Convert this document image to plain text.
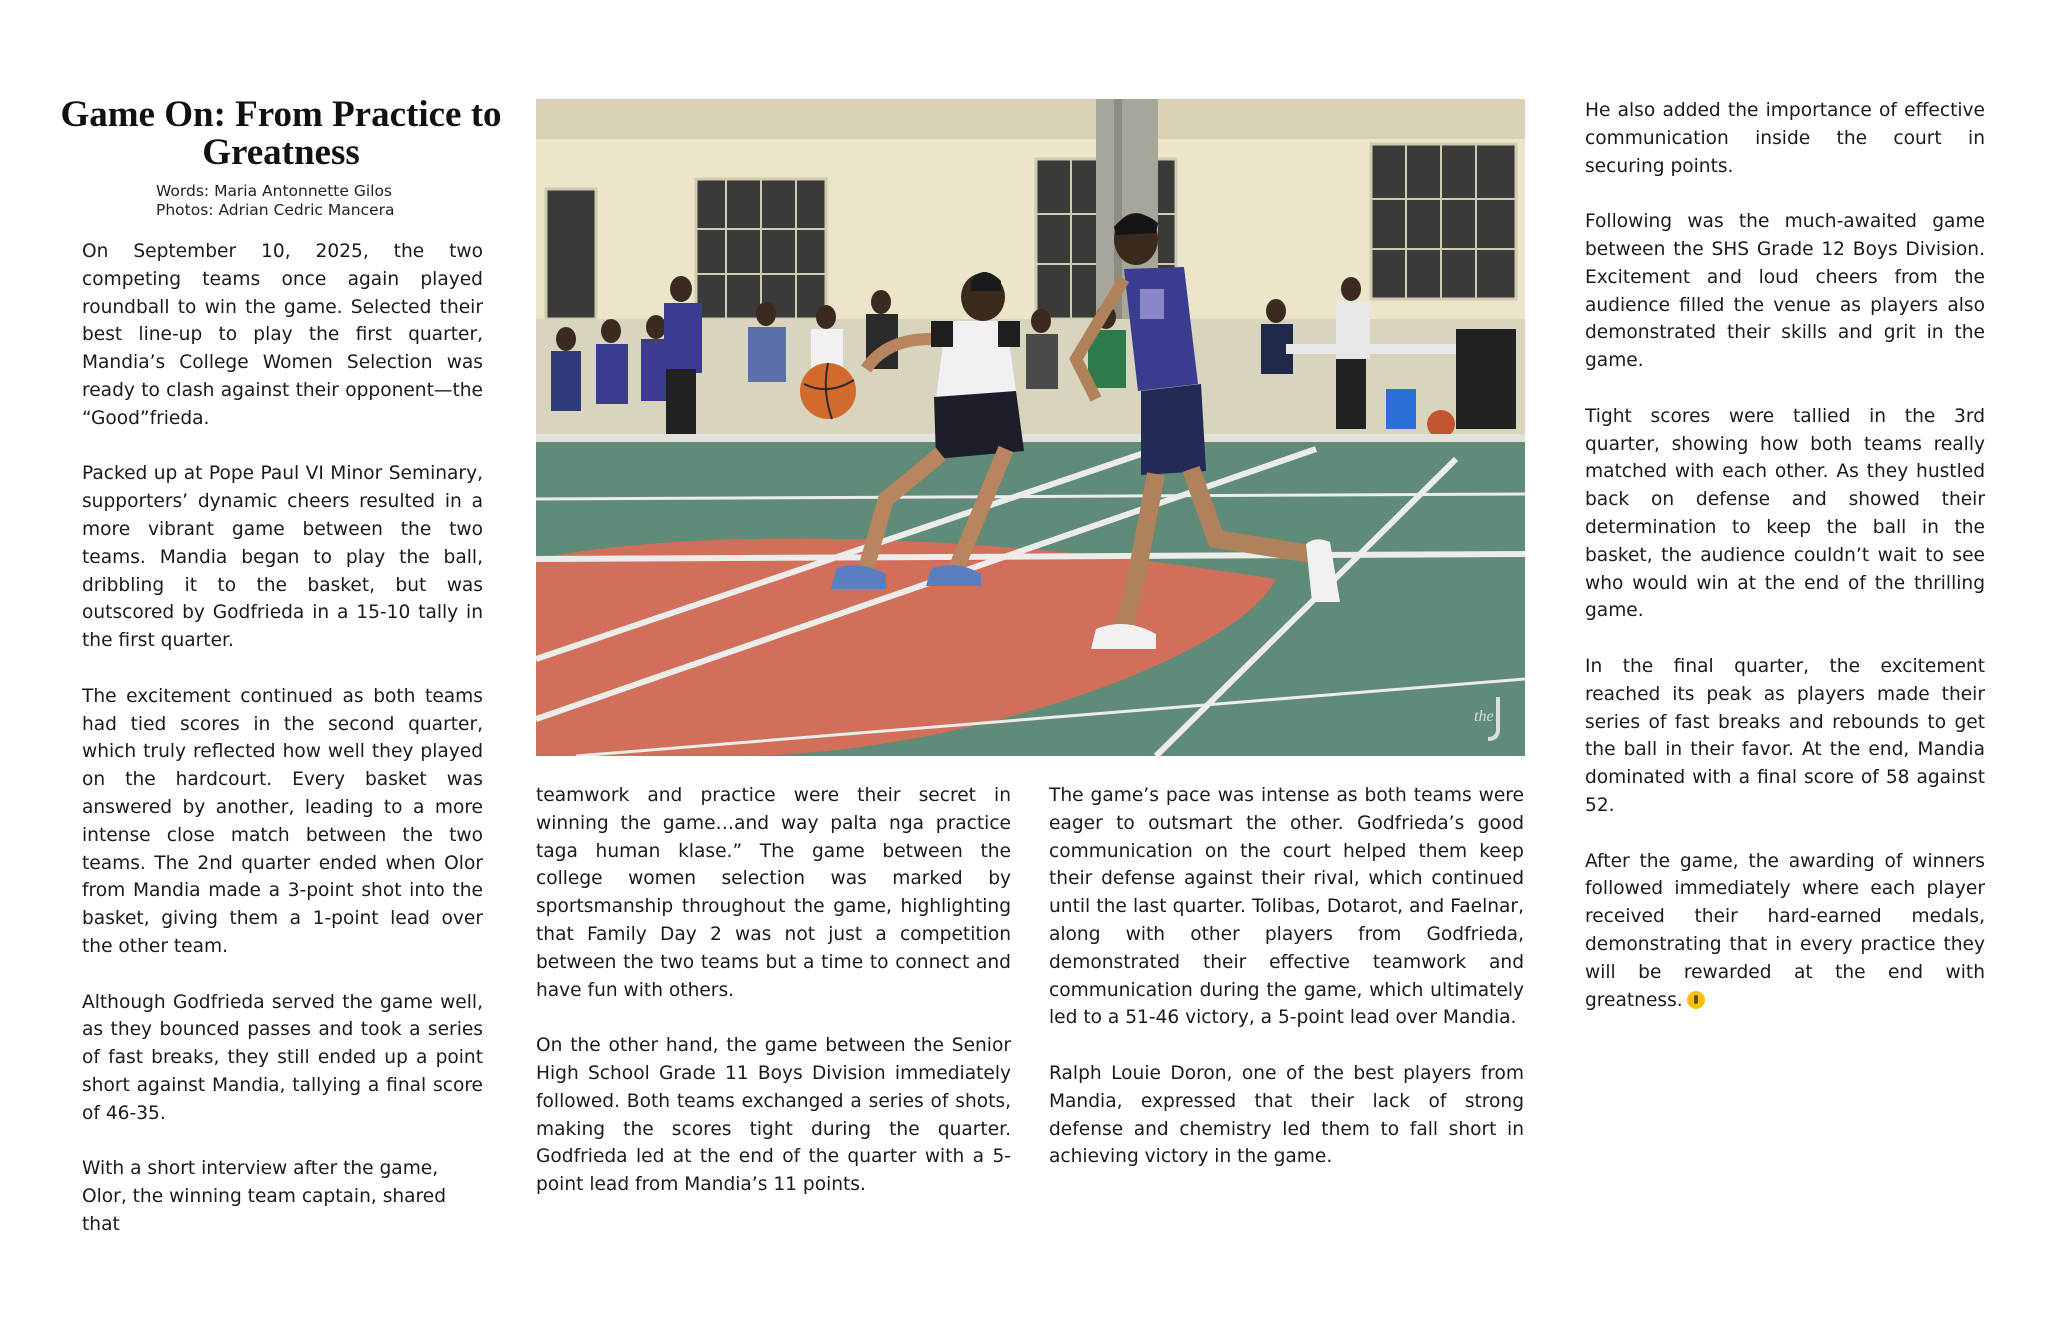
Game On: From Practice to Greatness
Words: Maria Antonnette Gilos
Photos: Adrian Cedric Mancera

On September 10, 2025, the two competing teams once again played roundball to win the game. Selected their best line-up to play the first quarter, Mandia’s College Women Selection was ready to clash against their opponent—the “Good”frieda.

Packed up at Pope Paul VI Minor Seminary, supporters’ dynamic cheers resulted in a more vibrant game between the two teams. Mandia began to play the ball, dribbling it to the basket, but was outscored by Godfrieda in a 15-10 tally in the first quarter.

The excitement continued as both teams had tied scores in the second quarter, which truly reflected how well they played on the hardcourt. Every basket was answered by another, leading to a more intense close match between the two teams. The 2nd quarter ended when Olor from Mandia made a 3-point shot into the basket, giving them a 1-point lead over the other team.

Although Godfrieda served the game well, as they bounced passes and took a series of fast breaks, they still ended up a point short against Mandia, tallying a final score of 46-35.

With a short interview after the game, Olor, the winning team captain, shared that

the

teamwork and practice were their secret in winning the game…and way palta nga practice taga human klase.” The game between the college women selection was marked by sportsmanship throughout the game, highlighting that Family Day 2 was not just a competition between the two teams but a time to connect and have fun with others.

On the other hand, the game between the Senior High School Grade 11 Boys Division immediately followed. Both teams exchanged a series of shots, making the scores tight during the quarter. Godfrieda led at the end of the quarter with a 5-point lead from Mandia’s 11 points.

The game’s pace was intense as both teams were eager to outsmart the other. Godfrieda’s good communication on the court helped them keep their defense against their rival, which continued until the last quarter. Tolibas, Dotarot, and Faelnar, along with other players from Godfrieda, demonstrated their effective teamwork and communication during the game, which ultimately led to a 51-46 victory, a 5-point lead over Mandia.

Ralph Louie Doron, one of the best players from Mandia, expressed that their lack of strong defense and chemistry led them to fall short in achieving victory in the game.

He also added the importance of effective communication inside the court in securing points.

Following was the much-awaited game between the SHS Grade 12 Boys Division. Excitement and loud cheers from the audience filled the venue as players also demonstrated their skills and grit in the game.

Tight scores were tallied in the 3rd quarter, showing how both teams really matched with each other. As they hustled back on defense and showed their determination to keep the ball in the basket, the audience couldn’t wait to see who would win at the end of the thrilling game.

In the final quarter, the excitement reached its peak as players made their series of fast breaks and rebounds to get the ball in their favor. At the end, Mandia dominated with a final score of 58 against 52.

After the game, the awarding of winners followed immediately where each player received their hard-earned medals, demonstrating that in every practice they will be rewarded at the end with greatness.
